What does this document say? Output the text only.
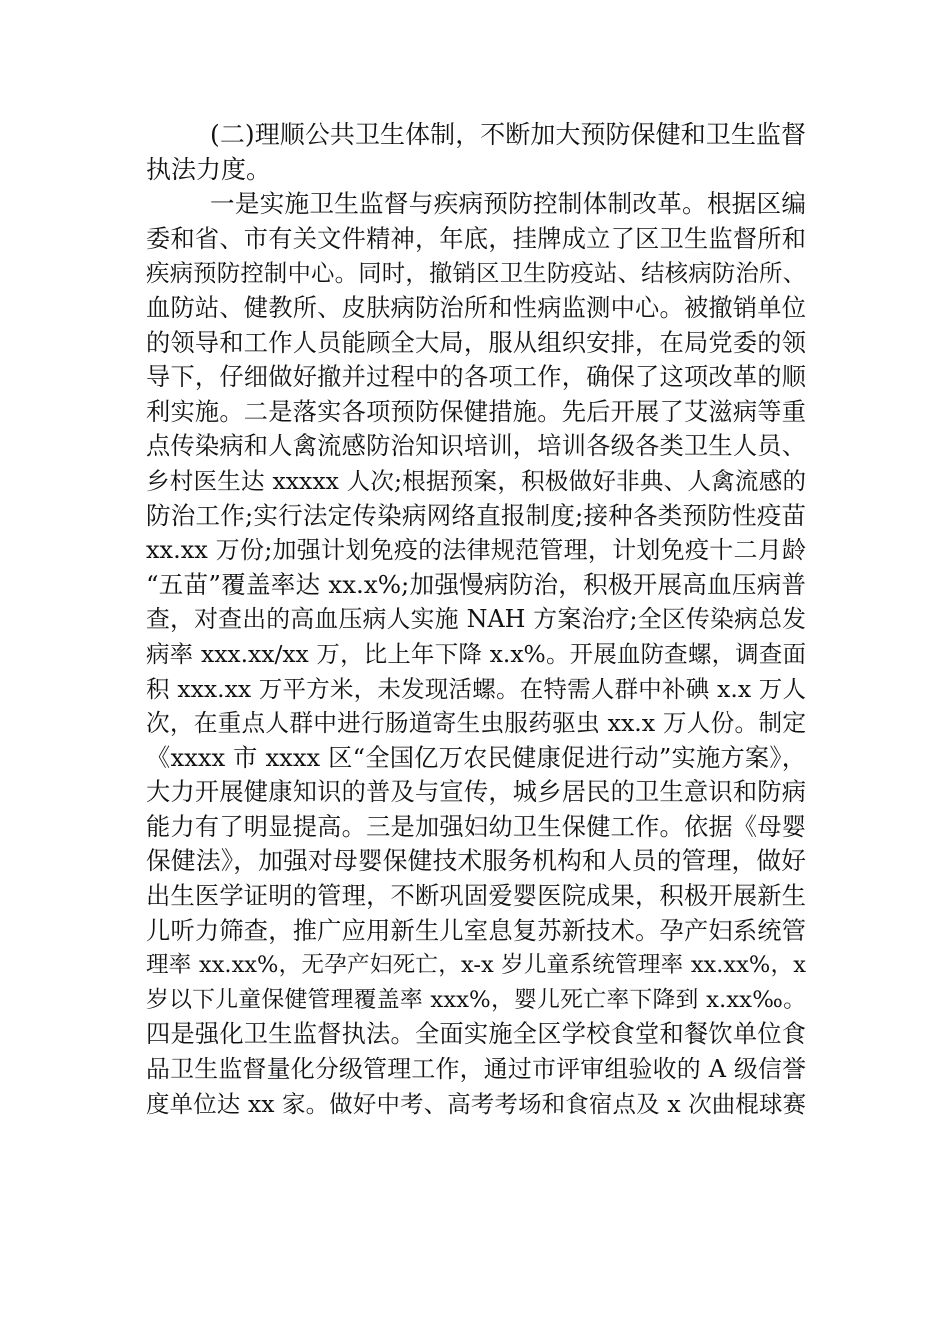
(二)理顺公共卫生体制，不断加大预防保健和卫生监督
执法力度。
一是实施卫生监督与疾病预防控制体制改革。根据区编
委和省、市有关文件精神，年底，挂牌成立了区卫生监督所和
疾病预防控制中心。同时，撤销区卫生防疫站、结核病防治所、
血防站、健教所、皮肤病防治所和性病监测中心。被撤销单位
的领导和工作人员能顾全大局，服从组织安排，在局党委的领
导下，仔细做好撤并过程中的各项工作，确保了这项改革的顺
利实施。二是落实各项预防保健措施。先后开展了艾滋病等重
点传染病和人禽流感防治知识培训，培训各级各类卫生人员、
乡村医生达 xxxxx 人次;根据预案，积极做好非典、人禽流感的
防治工作;实行法定传染病网络直报制度;接种各类预防性疫苗
xx.xx 万份;加强计划免疫的法律规范管理，计划免疫十二月龄
“五苗”覆盖率达 xx.x%;加强慢病防治，积极开展高血压病普
查，对查出的高血压病人实施 NAH 方案治疗;全区传染病总发
病率 xxx.xx/xx 万，比上年下降 x.x%。开展血防查螺，调查面
积 xxx.xx 万平方米，未发现活螺。在特需人群中补碘 x.x 万人
次，在重点人群中进行肠道寄生虫服药驱虫 xx.x 万人份。制定
《xxxx 市 xxxx 区“全国亿万农民健康促进行动”实施方案》，
大力开展健康知识的普及与宣传，城乡居民的卫生意识和防病
能力有了明显提高。三是加强妇幼卫生保健工作。依据《母婴
保健法》，加强对母婴保健技术服务机构和人员的管理，做好
出生医学证明的管理，不断巩固爱婴医院成果，积极开展新生
儿听力筛查，推广应用新生儿室息复苏新技术。孕产妇系统管
理率 xx.xx%，无孕产妇死亡，x-x 岁儿童系统管理率 xx.xx%，x
岁以下儿童保健管理覆盖率 xxx%，婴儿死亡率下降到 x.xx‰。
四是强化卫生监督执法。全面实施全区学校食堂和餐饮单位食
品卫生监督量化分级管理工作，通过市评审组验收的 A 级信誉
度单位达 xx 家。做好中考、高考考场和食宿点及 x 次曲棍球赛
